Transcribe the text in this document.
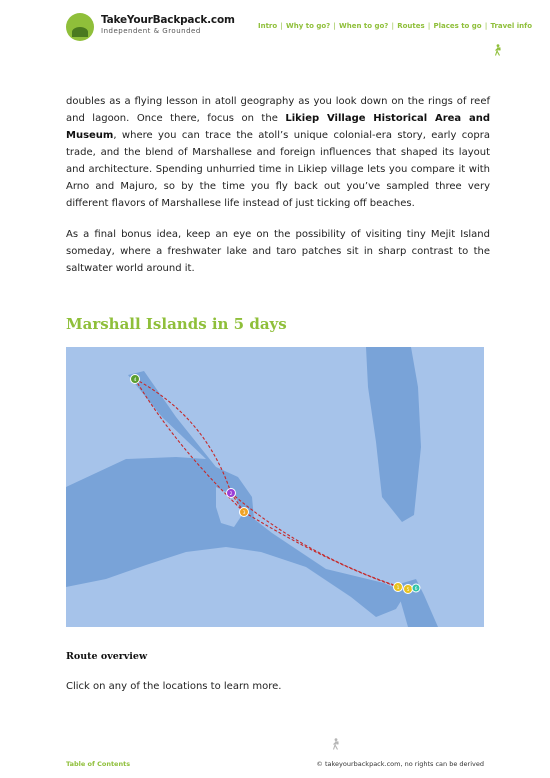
TakeYourBackpack.com
Independent & Grounded
Intro | Why to go? | When to go? | Routes | Places to go | Travel info

doubles as a flying lesson in atoll geography as you look down on the rings of reef and lagoon. Once there, focus on the Likiep Village Historical Area and Museum, where you can trace the atoll’s unique colonial-era story, early copra trade, and the blend of Marshallese and foreign influences that shaped its layout and architecture. Spending unhurried time in Likiep village lets you compare it with Arno and Majuro, so by the time you fly back out you’ve sampled three very different flavors of Marshallese life instead of just ticking off beaches.

As a final bonus idea, keep an eye on the possibility of visiting tiny Mejit Island someday, where a freshwater lake and taro patches sit in sharp contrast to the saltwater world around it.

Marshall Islands in 5 days
4
2
3
1 5 6
Route overview

Click on any of the locations to learn more.

Table of Contents	© takeyourbackpack.com, no rights can be derived
